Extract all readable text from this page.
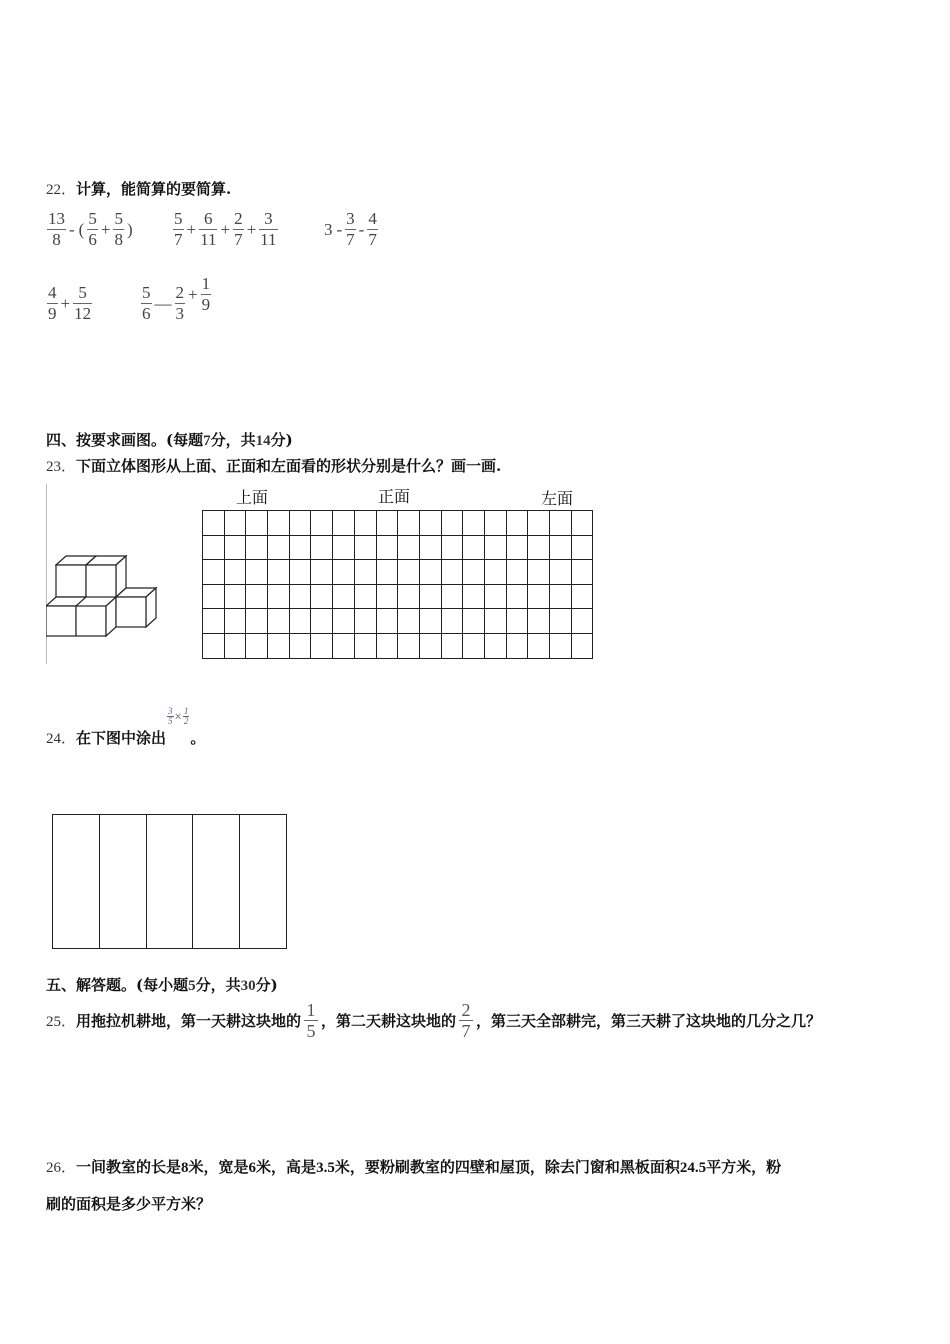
22．计算，能简算的要简算.
$\frac{13}{8}$ - ( $\frac{5}{6} + \frac{5}{8}$ ) $\frac{5}{7} + \frac{6}{11} + \frac{2}{7} + \frac{3}{11}$	$3 - \frac{3}{7} - \frac{4}{7}$
$\frac{4}{9} + \frac{5}{12}$	$\frac{5}{6}$ — $\frac{2}{3} + \frac{1}{9}$
四、按要求画图。(每题7分，共14分)
23．下面立体图形从上面、正面和左面看的形状分别是什么？画一画.
上面	正面	左面

24．在下图中涂出
$\frac{3}{5} \times \frac{1}{2}$
。

五、解答题。(每小题5分，共30分)
25．用拖拉机耕地，第一天耕这块地的 $\frac{1}{5}$ ，第二天耕这块地的 $\frac{2}{7}$ ，第三天全部耕完，第三天耕了这块地的几分之几？
26．一间教室的长是8米，宽是6米，高是3.5米，要粉刷教室的四壁和屋顶，除去门窗和黑板面积24.5平方米，粉
刷的面积是多少平方米？
